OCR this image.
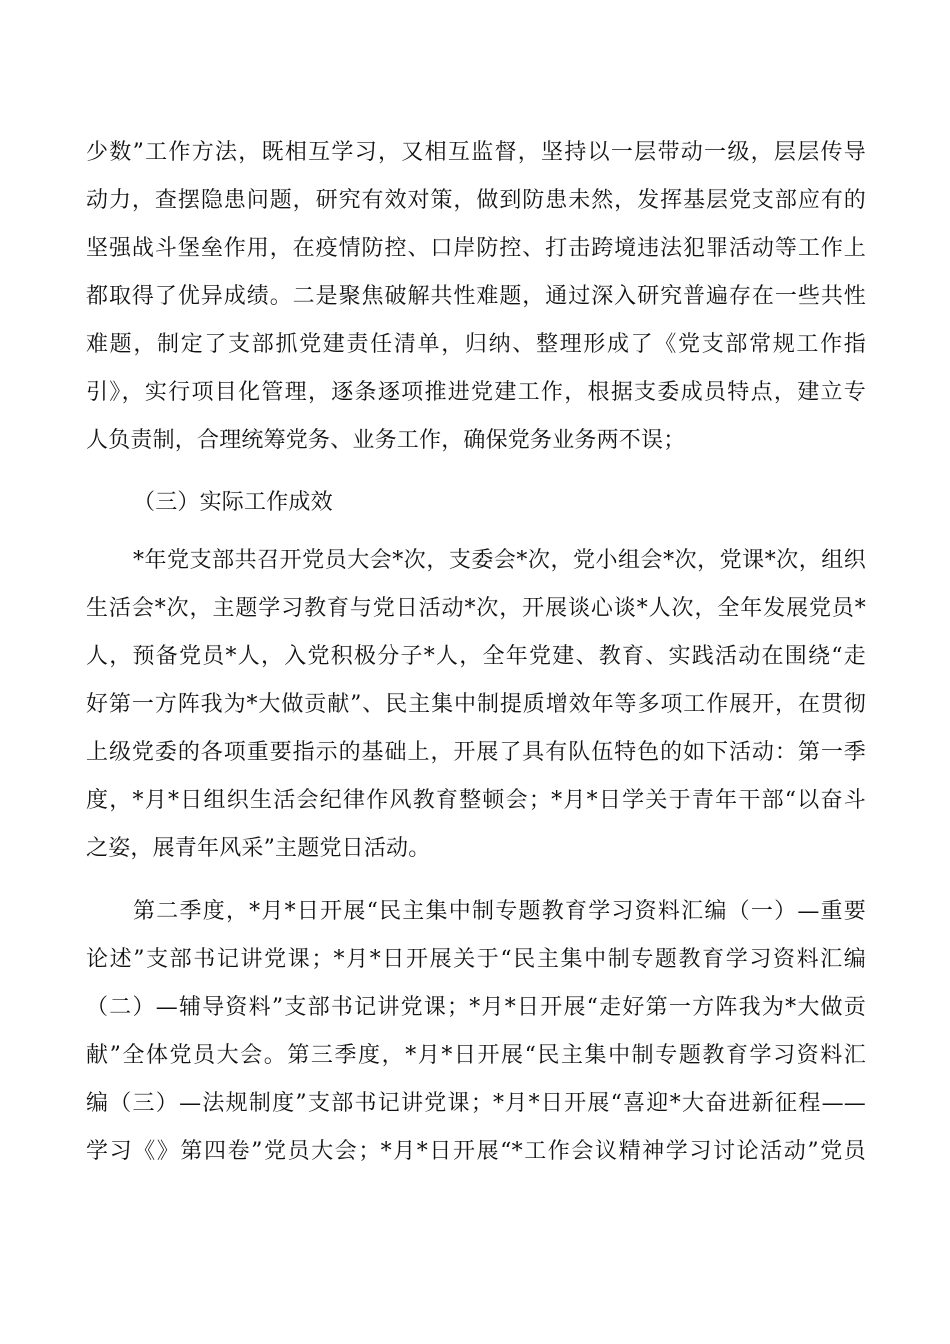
少数”工作方法，既相互学习，又相互监督，坚持以一层带动一级，层层传导
动力，查摆隐患问题，研究有效对策，做到防患未然，发挥基层党支部应有的
坚强战斗堡垒作用，在疫情防控、口岸防控、打击跨境违法犯罪活动等工作上
都取得了优异成绩。二是聚焦破解共性难题，通过深入研究普遍存在一些共性
难题，制定了支部抓党建责任清单，归纳、整理形成了《党支部常规工作指
引》，实行项目化管理，逐条逐项推进党建工作，根据支委成员特点，建立专
人负责制，合理统筹党务、业务工作，确保党务业务两不误；
（三）实际工作成效
*年党支部共召开党员大会*次，支委会*次，党小组会*次，党课*次，组织
生活会*次，主题学习教育与党日活动*次，开展谈心谈*人次，全年发展党员*
人，预备党员*人，入党积极分子*人，全年党建、教育、实践活动在围绕“走
好第一方阵我为*大做贡献”、民主集中制提质增效年等多项工作展开，在贯彻
上级党委的各项重要指示的基础上，开展了具有队伍特色的如下活动：第一季
度，*月*日组织生活会纪律作风教育整顿会；*月*日学关于青年干部“以奋斗
之姿，展青年风采”主题党日活动。
第二季度，*月*日开展“民主集中制专题教育学习资料汇编（一）—重要
论述”支部书记讲党课；*月*日开展关于“民主集中制专题教育学习资料汇编
（二）—辅导资料”支部书记讲党课；*月*日开展“走好第一方阵我为*大做贡
献”全体党员大会。第三季度，*月*日开展“民主集中制专题教育学习资料汇
编（三）—法规制度”支部书记讲党课；*月*日开展“喜迎*大奋进新征程——
学习《》第四卷”党员大会；*月*日开展“*工作会议精神学习讨论活动”党员
